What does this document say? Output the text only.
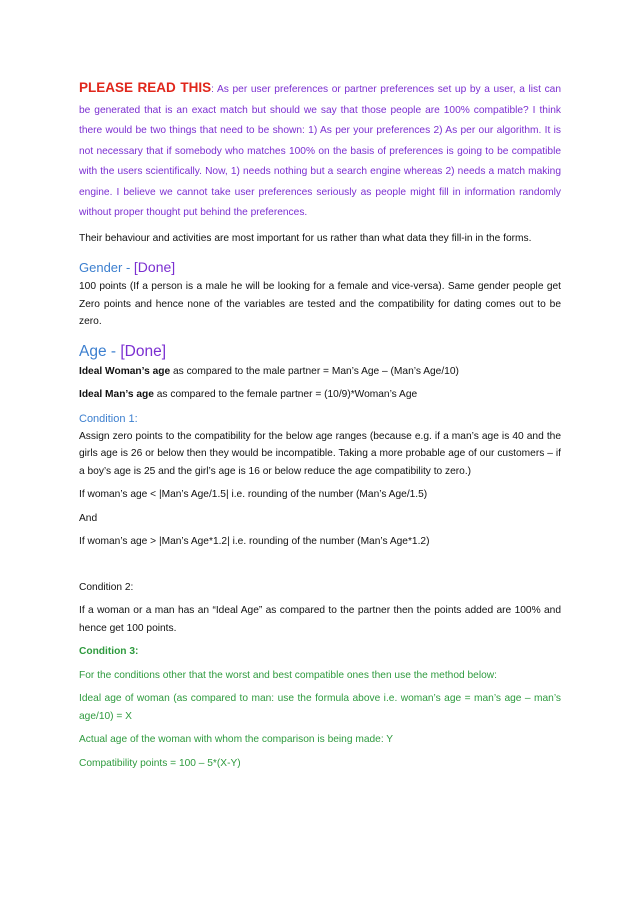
PLEASE READ THIS: As per user preferences or partner preferences set up by a user, a list can be generated that is an exact match but should we say that those people are 100% compatible? I think there would be two things that need to be shown: 1) As per your preferences 2) As per our algorithm. It is not necessary that if somebody who matches 100% on the basis of preferences is going to be compatible with the users scientifically. Now, 1) needs nothing but a search engine whereas 2) needs a match making engine. I believe we cannot take user preferences seriously as people might fill in information randomly without proper thought put behind the preferences.

Their behaviour and activities are most important for us rather than what data they fill-in in the forms.

Gender - [Done]

100 points (If a person is a male he will be looking for a female and vice-versa). Same gender people get Zero points and hence none of the variables are tested and the compatibility for dating comes out to be zero.

Age - [Done]

Ideal Woman’s age as compared to the male partner = Man’s Age – (Man’s Age/10)

Ideal Man’s age as compared to the female partner = (10/9)*Woman’s Age

Condition 1:

Assign zero points to the compatibility for the below age ranges (because e.g. if a man’s age is 40 and the girls age is 26 or below then they would be incompatible. Taking a more probable age of our customers – if a boy’s age is 25 and the girl’s age is 16 or below reduce the age compatibility to zero.)

If woman’s age < |Man’s Age/1.5| i.e. rounding of the number (Man’s Age/1.5)

And

If woman’s age > |Man’s Age*1.2| i.e. rounding of the number (Man’s Age*1.2)

Condition 2:

If a woman or a man has an “Ideal Age” as compared to the partner then the points added are 100% and hence get 100 points.

Condition 3:

For the conditions other that the worst and best compatible ones then use the method below:

Ideal age of woman (as compared to man: use the formula above i.e. woman’s age = man’s age – man’s age/10) = X

Actual age of the woman with whom the comparison is being made: Y

Compatibility points = 100 – 5*(X-Y)
